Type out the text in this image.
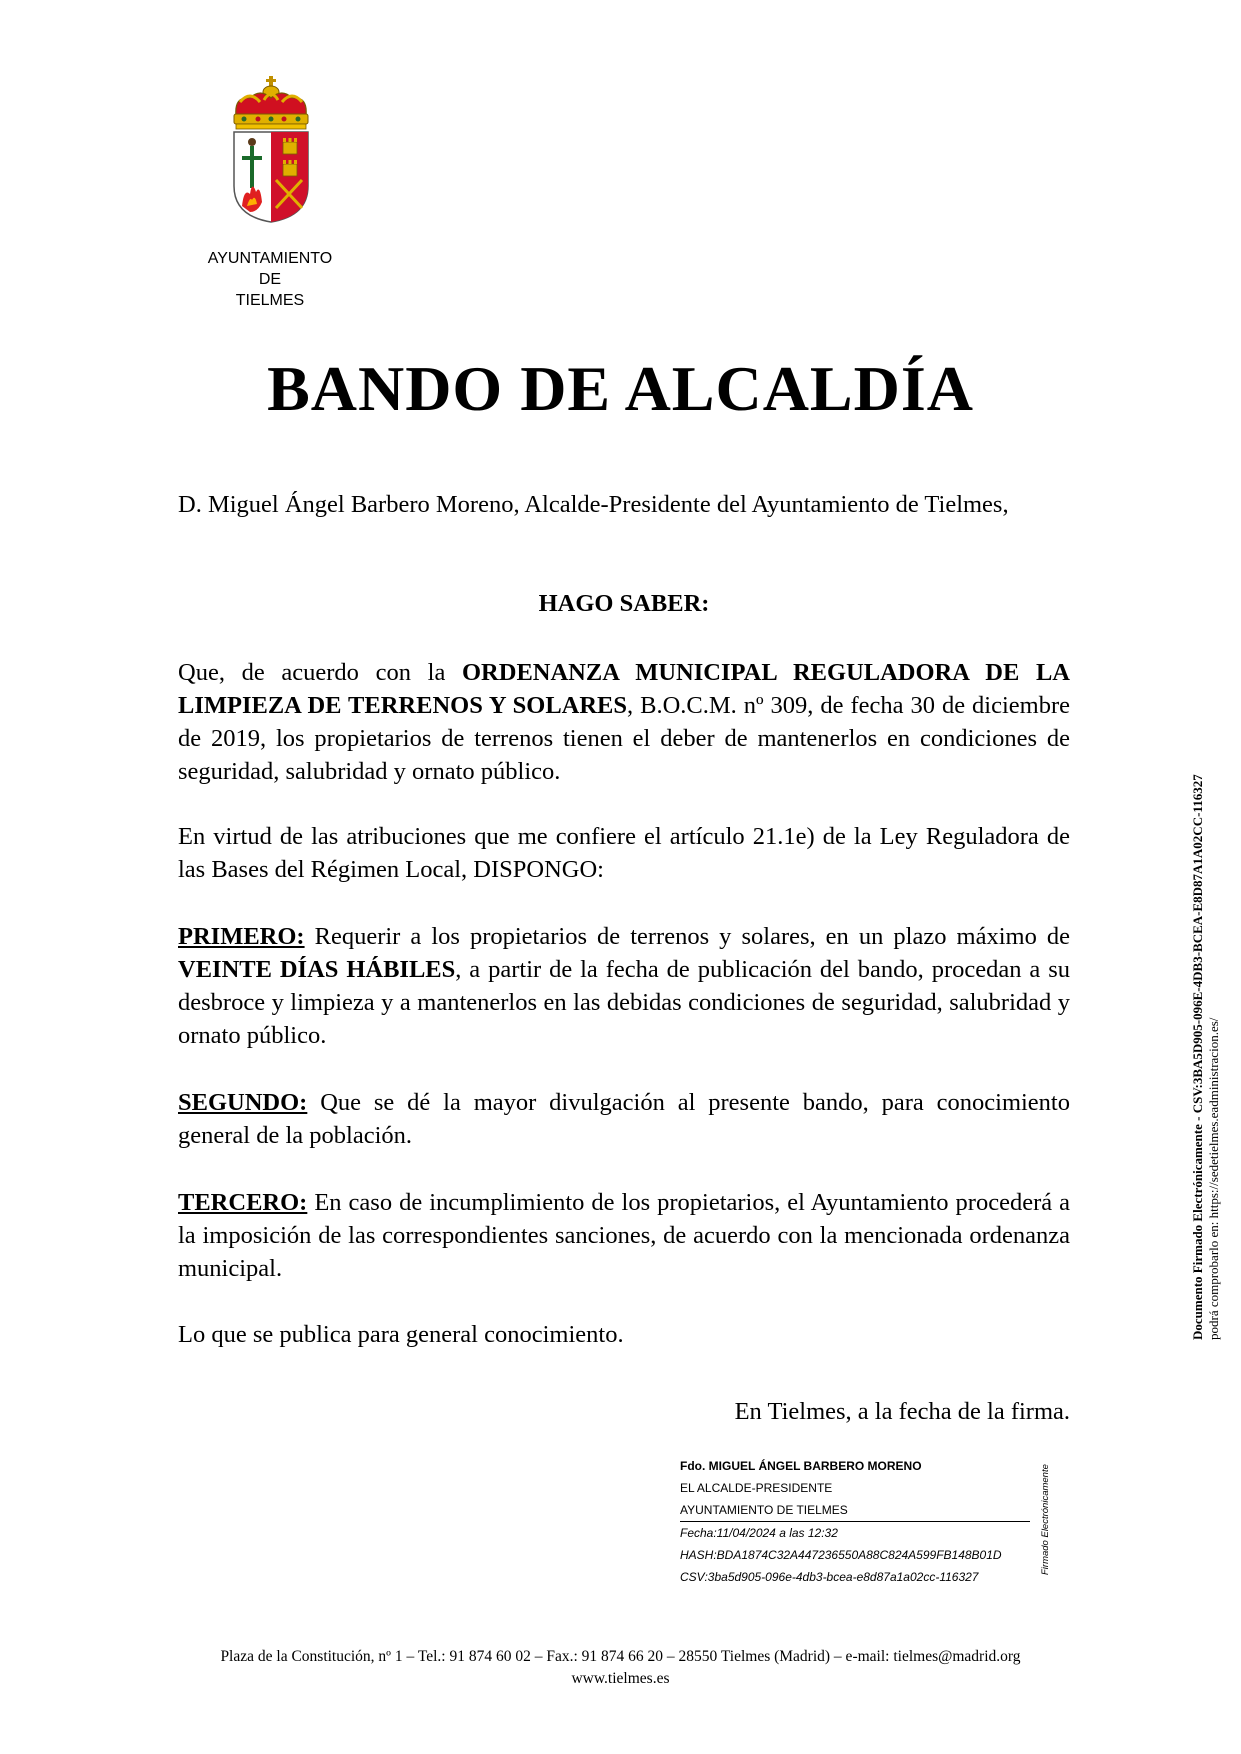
AYUNTAMIENTO
DE
TIELMES
BANDO DE ALCALDÍA
D. Miguel Ángel Barbero Moreno, Alcalde-Presidente del Ayuntamiento de Tielmes,
HAGO SABER:
Que, de acuerdo con la ORDENANZA MUNICIPAL REGULADORA DE LA LIMPIEZA DE TERRENOS Y SOLARES, B.O.C.M. nº 309, de fecha 30 de diciembre de 2019, los propietarios de terrenos tienen el deber de mantenerlos en condiciones de seguridad, salubridad y ornato público.
En virtud de las atribuciones que me confiere el artículo 21.1e) de la Ley Reguladora de las Bases del Régimen Local, DISPONGO:
PRIMERO: Requerir a los propietarios de terrenos y solares, en un plazo máximo de VEINTE DÍAS HÁBILES, a partir de la fecha de publicación del bando, procedan a su desbroce y limpieza y a mantenerlos en las debidas condiciones de seguridad, salubridad y ornato público.
SEGUNDO: Que se dé la mayor divulgación al presente bando, para conocimiento general de la población.
TERCERO: En caso de incumplimiento de los propietarios, el Ayuntamiento procederá a la imposición de las correspondientes sanciones, de acuerdo con la mencionada ordenanza municipal.
Lo que se publica para general conocimiento.
En Tielmes, a la fecha de la firma.
Fdo. MIGUEL ÁNGEL BARBERO MORENO
EL ALCALDE-PRESIDENTE
AYUNTAMIENTO DE TIELMES
Fecha:11/04/2024 a las 12:32
HASH:BDA1874C32A447236550A88C824A599FB148B01D
CSV:3ba5d905-096e-4db3-bcea-e8d87a1a02cc-116327
Firmado Electrónicamente
Documento Firmado Electrónicamente - CSV:3BA5D905-096E-4DB3-BCEA-E8D87A1A02CC-116327 podrá comprobarlo en: https://sedetielmes.eadministracion.es/
Plaza de la Constitución, nº 1 – Tel.: 91 874 60 02 – Fax.: 91 874 66 20 – 28550 Tielmes (Madrid) – e-mail: tielmes@madrid.org
www.tielmes.es
